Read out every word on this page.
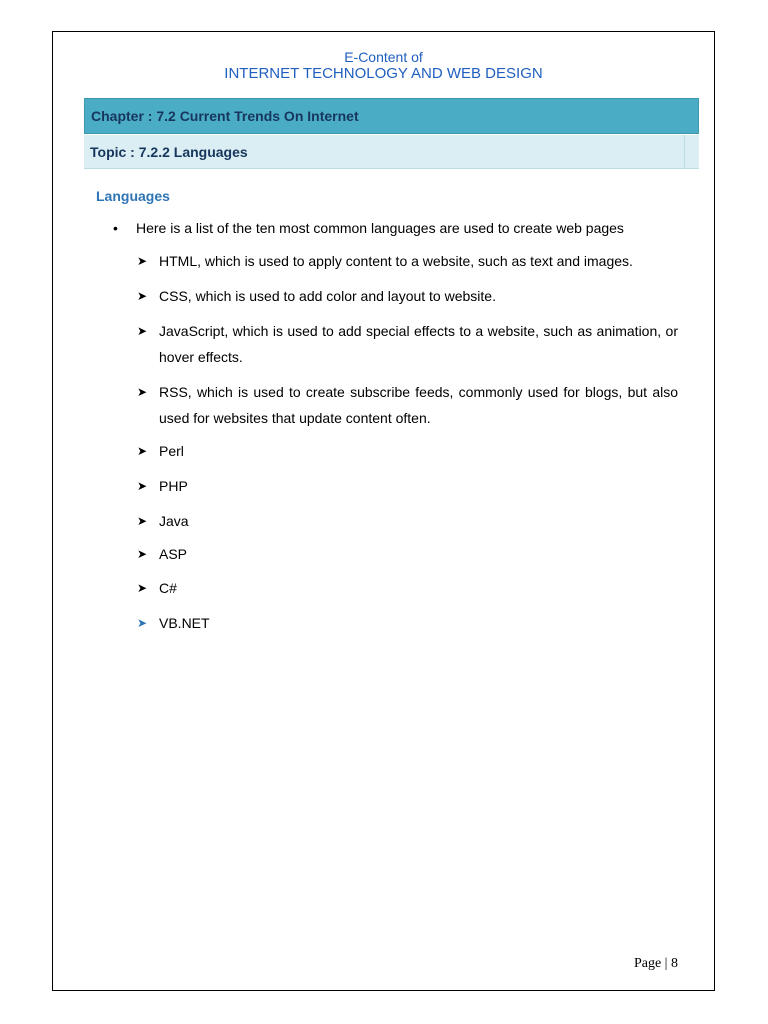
E-Content of
INTERNET TECHNOLOGY AND WEB DESIGN
Chapter : 7.2 Current Trends On Internet
Topic : 7.2.2 Languages
Languages
• Here is a list of the ten most common languages are used to create web pages
➤ HTML, which is used to apply content to a website, such as text and images.
➤ CSS, which is used to add color and layout to website.
➤ JavaScript, which is used to add special effects to a website, such as animation, or hover effects.
➤ RSS, which is used to create subscribe feeds, commonly used for blogs, but also used for websites that update content often.
➤ Perl
➤ PHP
➤ Java
➤ ASP
➤ C#
➤ VB.NET
Page | 8
